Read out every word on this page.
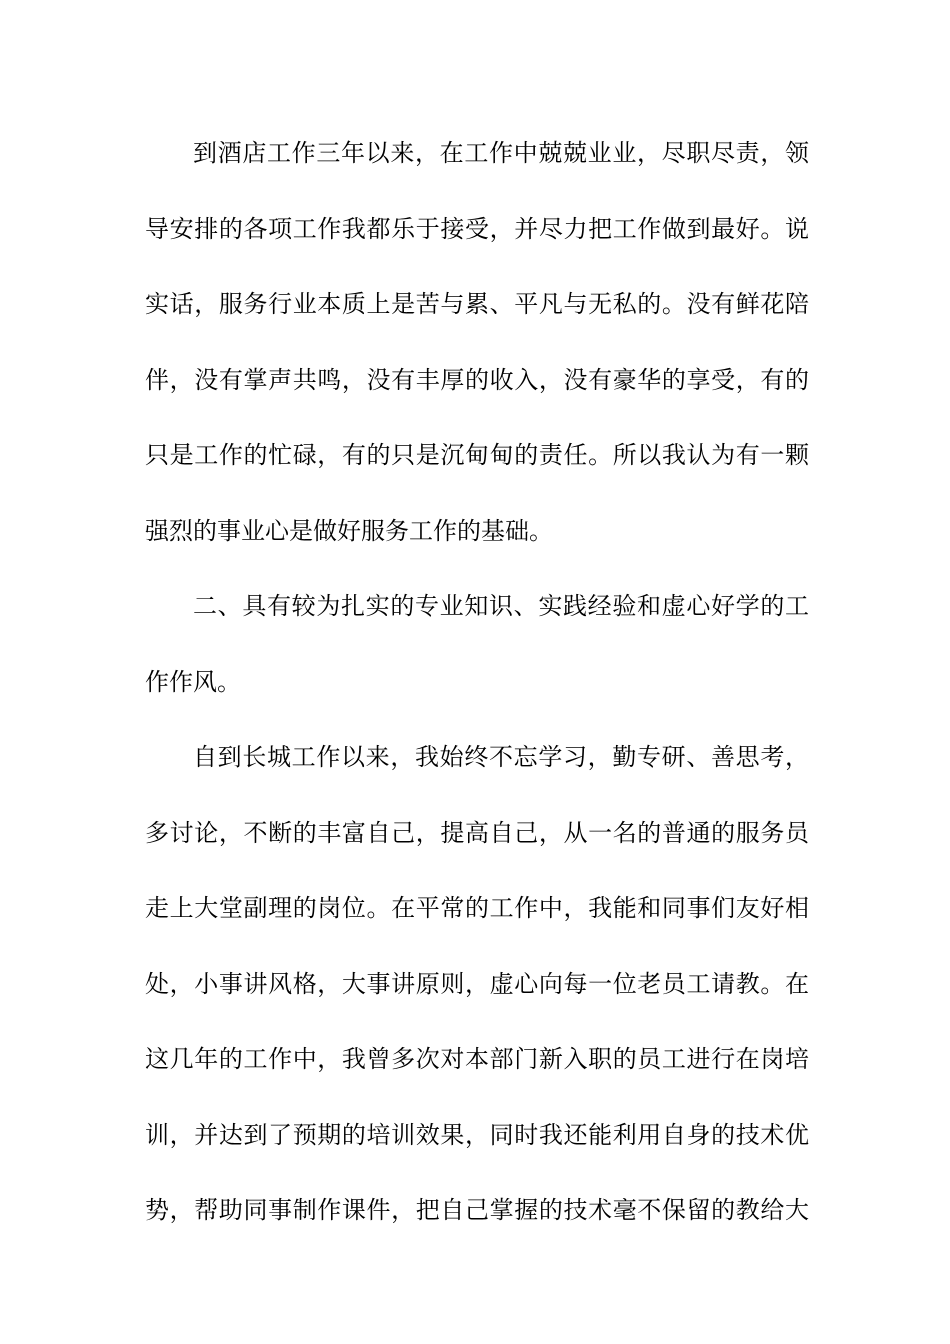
到酒店工作三年以来，在工作中兢兢业业，尽职尽责，领
导安排的各项工作我都乐于接受，并尽力把工作做到最好。说
实话，服务行业本质上是苦与累、平凡与无私的。没有鲜花陪
伴，没有掌声共鸣，没有丰厚的收入，没有豪华的享受，有的
只是工作的忙碌，有的只是沉甸甸的责任。所以我认为有一颗
强烈的事业心是做好服务工作的基础。
二、具有较为扎实的专业知识、实践经验和虚心好学的工
作作风。
自到长城工作以来，我始终不忘学习，勤专研、善思考，
多讨论，不断的丰富自己，提高自己，从一名的普通的服务员
走上大堂副理的岗位。在平常的工作中，我能和同事们友好相
处，小事讲风格，大事讲原则，虚心向每一位老员工请教。在
这几年的工作中，我曾多次对本部门新入职的员工进行在岗培
训，并达到了预期的培训效果，同时我还能利用自身的技术优
势，帮助同事制作课件，把自己掌握的技术毫不保留的教给大
